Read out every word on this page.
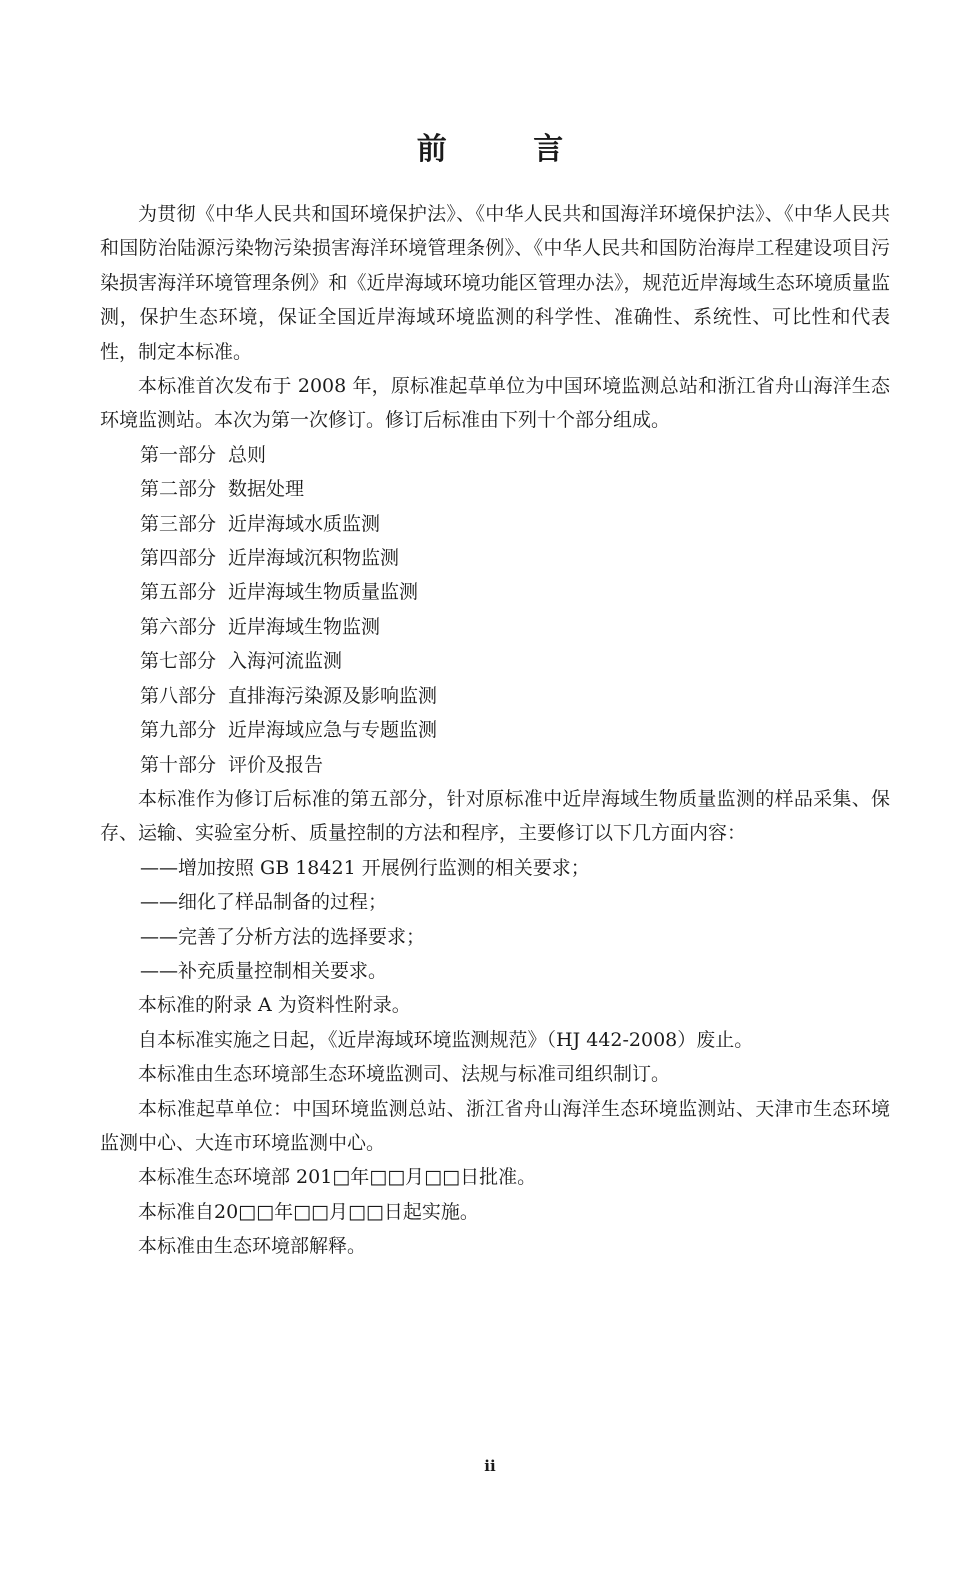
前 言

为贯彻《中华人民共和国环境保护法》、《中华人民共和国海洋环境保护法》、《中华人民共和国防治陆源污染物污染损害海洋环境管理条例》、《中华人民共和国防治海岸工程建设项目污染损害海洋环境管理条例》和《近岸海域环境功能区管理办法》，规范近岸海域生态环境质量监测，保护生态环境，保证全国近岸海域环境监测的科学性、准确性、系统性、可比性和代表性，制定本标准。

本标准首次发布于 2008 年，原标准起草单位为中国环境监测总站和浙江省舟山海洋生态环境监测站。本次为第一次修订。修订后标准由下列十个部分组成。

第一部分 总则

第二部分 数据处理

第三部分 近岸海域水质监测

第四部分 近岸海域沉积物监测

第五部分 近岸海域生物质量监测

第六部分 近岸海域生物监测

第七部分 入海河流监测

第八部分 直排海污染源及影响监测

第九部分 近岸海域应急与专题监测

第十部分 评价及报告

本标准作为修订后标准的第五部分，针对原标准中近岸海域生物质量监测的样品采集、保存、运输、实验室分析、质量控制的方法和程序，主要修订以下几方面内容：

——增加按照 GB 18421 开展例行监测的相关要求；

——细化了样品制备的过程；

——完善了分析方法的选择要求；

——补充质量控制相关要求。

本标准的附录 A 为资料性附录。

自本标准实施之日起，《近岸海域环境监测规范》（HJ 442-2008）废止。

本标准由生态环境部生态环境监测司、法规与标准司组织制订。

本标准起草单位：中国环境监测总站、浙江省舟山海洋生态环境监测站、天津市生态环境监测中心、大连市环境监测中心。

本标准生态环境部 201□年□□月□□日批准。

本标准自20□□年□□月□□日起实施。

本标准由生态环境部解释。

ii
